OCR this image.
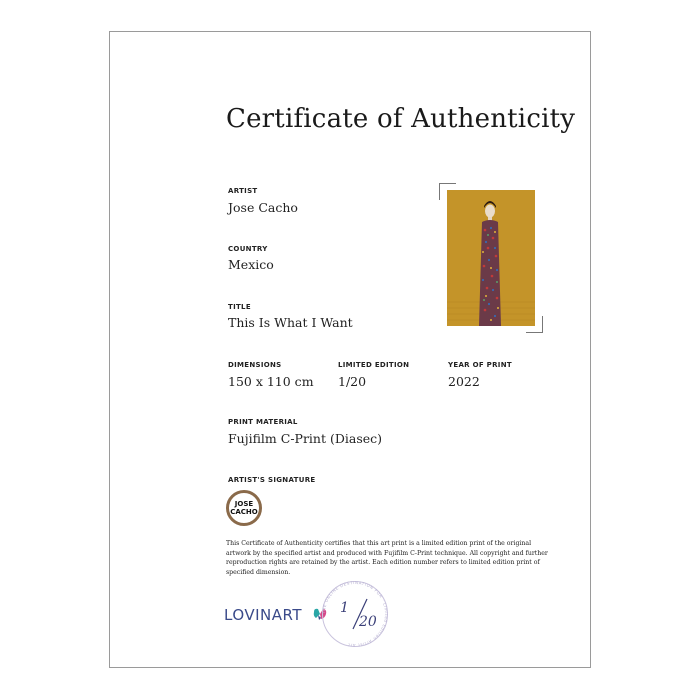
Certificate of Authenticity
ARTIST
Jose Cacho
COUNTRY
Mexico
TITLE
This Is What I Want
DIMENSIONS
150 x 110 cm
LIMITED EDITION
1/20
YEAR OF PRINT
2022
PRINT MATERIAL
Fujifilm C-Print (Diasec)
ARTIST'S SIGNATURE
JOSE
CACHO
This Certificate of Authenticity certifies that this art print is a limited edition print of the original artwork by the specified artist and produced with Fujifilm C-Print technique. All copyright and further reproduction rights are retained by the artist. Each edition number refers to limited edition print of specified dimension.
LOVINART	THE ONLINE DESTINATION FOR · Limited Edition Artist Art
1
20
